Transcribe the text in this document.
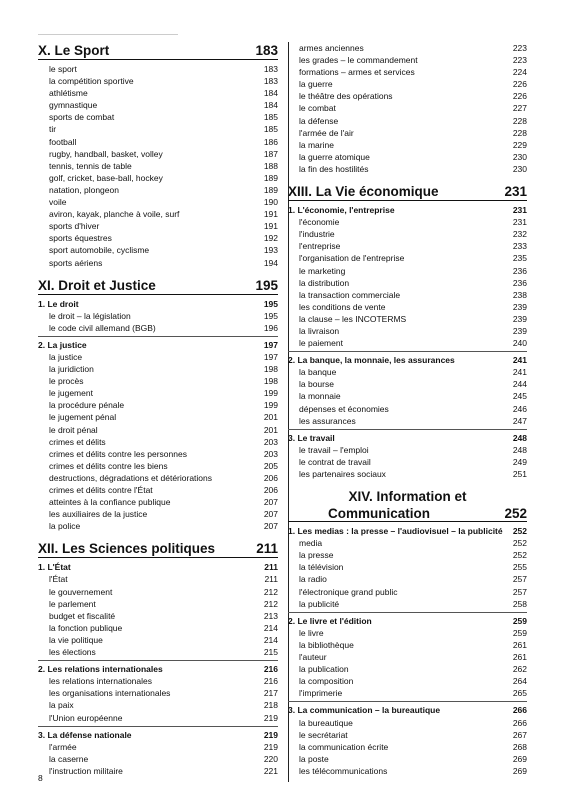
X. Le Sport	183
le sport	183
la compétition sportive	183
athlétisme	184
gymnastique	184
sports de combat	185
tir	185
football	186
rugby, handball, basket, volley	187
tennis, tennis de table	188
golf, cricket, base-ball, hockey	189
natation, plongeon	189
voile	190
aviron, kayak, planche à voile, surf	191
sports d'hiver	191
sports équestres	192
sport automobile, cyclisme	193
sports aériens	194
XI. Droit et Justice	195
1. Le droit	195
le droit – la législation	195
le code civil allemand (BGB)	196
2. La justice	197
la justice	197
la juridiction	198
le procès	198
le jugement	199
la procédure pénale	199
le jugement pénal	201
le droit pénal	201
crimes et délits	203
crimes et délits contre les personnes	203
crimes et délits contre les biens	205
destructions, dégradations et détériorations	206
crimes et délits contre l'État	206
atteintes à la confiance publique	207
les auxiliaires de la justice	207
la police	207
XII. Les Sciences politiques	211
1. L'État	211
l'État	211
le gouvernement	212
le parlement	212
budget et fiscalité	213
la fonction publique	214
la vie politique	214
les élections	215
2. Les relations internationales	216
les relations internationales	216
les organisations internationales	217
la paix	218
l'Union européenne	219
3. La défense nationale	219
l'armée	219
la caserne	220
l'instruction militaire	221
armes anciennes	223
les grades – le commandement	223
formations – armes et services	224
la guerre	226
le théâtre des opérations	226
le combat	227
la défense	228
l'armée de l'air	228
la marine	229
la guerre atomique	230
la fin des hostilités	230
XIII. La Vie économique	231
1. L'économie, l'entreprise	231
l'économie	231
l'industrie	232
l'entreprise	233
l'organisation de l'entreprise	235
le marketing	236
la distribution	236
la transaction commerciale	238
les conditions de vente	239
la clause – les INCOTERMS	239
la livraison	239
le paiement	240
2. La banque, la monnaie, les assurances	241
la banque	241
la bourse	244
la monnaie	245
dépenses et économies	246
les assurances	247
3. Le travail	248
le travail – l'emploi	248
le contrat de travail	249
les partenaires sociaux	251
XIV. Information et
Communication	252
1. Les medias : la presse – l'audiovisuel – la publicité 252
media	252
la presse	252
la télévision	255
la radio	257
l'électronique grand public	257
la publicité	258
2. Le livre et l'édition	259
le livre	259
la bibliothèque	261
l'auteur	261
la publication	262
la composition	264
l'imprimerie	265
3. La communication – la bureautique	266
la bureautique	266
le secrétariat	267
la communication écrite	268
la poste	269
les télécommunications	269
8
